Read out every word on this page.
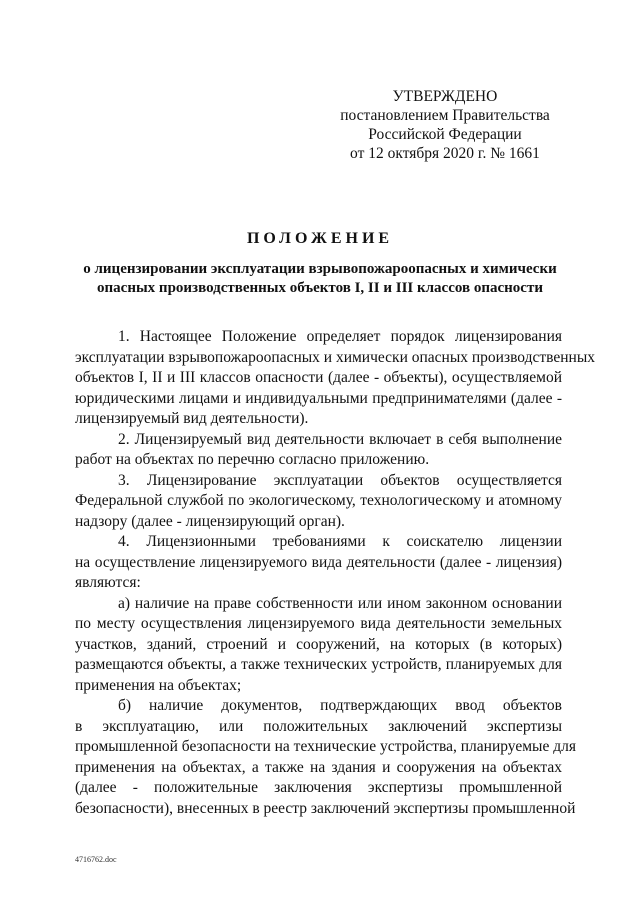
УТВЕРЖДЕНО
постановлением Правительства
Российской Федерации
от 12 октября 2020 г. № 1661
ПОЛОЖЕНИЕ
о лицензировании эксплуатации взрывопожароопасных и химически
опасных производственных объектов I, II и III классов опасности
1. Настоящее Положение определяет порядок лицензирования
эксплуатации взрывопожароопасных и химически опасных производственных
объектов I, II и III классов опасности (далее - объекты), осуществляемой
юридическими лицами и индивидуальными предпринимателями (далее -
лицензируемый вид деятельности).
2. Лицензируемый вид деятельности включает в себя выполнение
работ на объектах по перечню согласно приложению.
3. Лицензирование эксплуатации объектов осуществляется
Федеральной службой по экологическому, технологическому и атомному
надзору (далее - лицензирующий орган).
4. Лицензионными требованиями к соискателю лицензии
на осуществление лицензируемого вида деятельности (далее - лицензия)
являются:
а) наличие на праве собственности или ином законном основании
по месту осуществления лицензируемого вида деятельности земельных
участков, зданий, строений и сооружений, на которых (в которых)
размещаются объекты, а также технических устройств, планируемых для
применения на объектах;
б) наличие документов, подтверждающих ввод объектов
в эксплуатацию, или положительных заключений экспертизы
промышленной безопасности на технические устройства, планируемые для
применения на объектах, а также на здания и сооружения на объектах
(далее - положительные заключения экспертизы промышленной
безопасности), внесенных в реестр заключений экспертизы промышленной
4716762.doc
